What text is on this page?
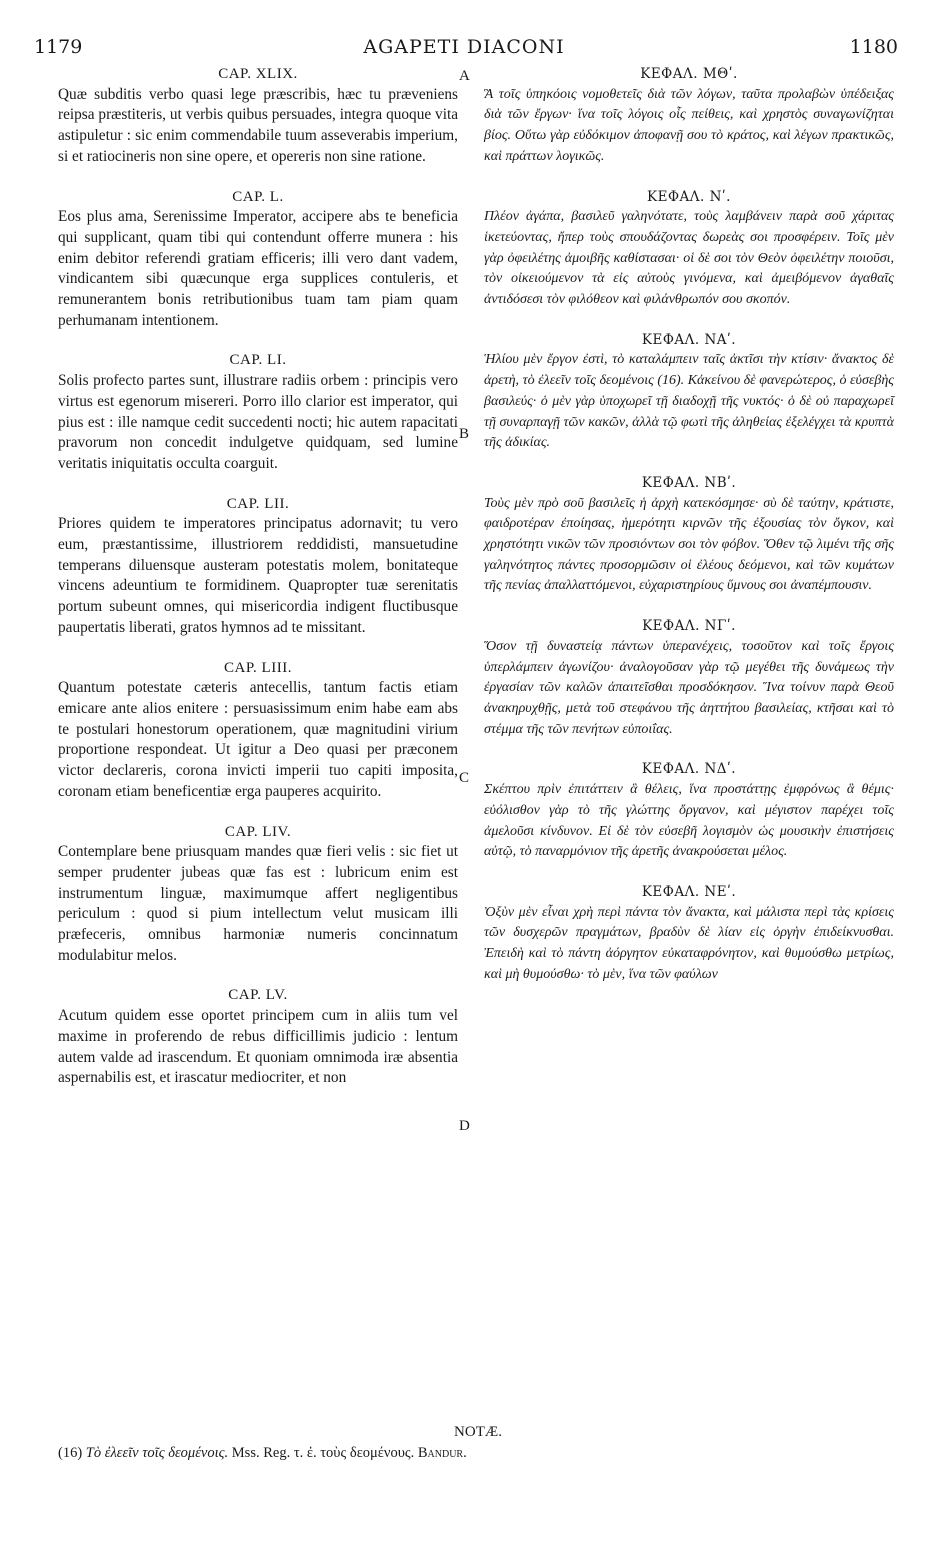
1179	AGAPETI DIACONI	1180
CAP. XLIX.

Quæ subditis verbo quasi lege præscribis, hæc tu præveniens reipsa præstiteris, ut verbis quibus persuades, integra quoque vita astipuletur : sic enim commendabile tuum asseverabis imperium, si et ratiocineris non sine opere, et opereris non sine ratione.

CAP. L.

Eos plus ama, Serenissime Imperator, accipere abs te beneficia qui supplicant, quam tibi qui contendunt offerre munera : his enim debitor referendi gratiam efficeris; illi vero dant vadem, vindicantem sibi quæcunque erga supplices contuleris, et remunerantem bonis retributionibus tuam tam piam quam perhumanam intentionem.

CAP. LI.

Solis profecto partes sunt, illustrare radiis orbem : principis vero virtus est egenorum misereri. Porro illo clarior est imperator, qui pius est : ille namque cedit succedenti nocti; hic autem rapacitati pravorum non concedit indulgetve quidquam, sed lumine veritatis iniquitatis occulta coarguit.

CAP. LII.

Priores quidem te imperatores principatus adornavit; tu vero eum, præstantissime, illustriorem reddidisti, mansuetudine temperans diluensque austeram potestatis molem, bonitateque vincens adeuntium te formidinem. Quapropter tuæ serenitatis portum subeunt omnes, qui misericordia indigent fluctibusque paupertatis liberati, gratos hymnos ad te missitant.

CAP. LIII.

Quantum potestate cæteris antecellis, tantum factis etiam emicare ante alios enitere : persuasissimum enim habe eam abs te postulari honestorum operationem, quæ magnitudini virium proportione respondeat. Ut igitur a Deo quasi per præconem victor declareris, corona invicti imperii tuo capiti imposita, coronam etiam beneficentiæ erga pauperes acquirito.

CAP. LIV.

Contemplare bene priusquam mandes quæ fieri velis : sic fiet ut semper prudenter jubeas quæ fas est : lubricum enim est instrumentum linguæ, maximumque affert negligentibus periculum : quod si pium intellectum velut musicam illi præfeceris, omnibus harmoniæ numeris concinnatum modulabitur melos.

CAP. LV.

Acutum quidem esse oportet principem cum in aliis tum vel maxime in proferendo de rebus difficillimis judicio : lentum autem valde ad irascendum. Et quoniam omnimoda iræ absentia aspernabilis est, et irascatur mediocriter, et non

A
B
C
D
ΚΕΦΑΛ. ΜΘʹ.

Ἃ τοῖς ὑπηκόοις νομοθετεῖς διὰ τῶν λόγων, ταῦτα προλαβὼν ὑπέδειξας διὰ τῶν ἔργων· ἵνα τοῖς λόγοις οἷς πείθεις, καὶ χρηστὸς συναγωνίζηται βίος. Οὕτω γὰρ εὐδόκιμον ἀποφανῇ σου τὸ κράτος, καὶ λέγων πρακτικῶς, καὶ πράττων λογικῶς.

ΚΕΦΑΛ. Νʹ.

Πλέον ἀγάπα, βασιλεῦ γαληνότατε, τοὺς λαμβάνειν παρὰ σοῦ χάριτας ἱκετεύοντας, ἤπερ τοὺς σπουδάζοντας δωρεὰς σοι προσφέρειν. Τοῖς μὲν γὰρ ὀφειλέτης ἀμοιβῆς καθίστασαι· οἱ δὲ σοι τὸν Θεὸν ὀφειλέτην ποιοῦσι, τὸν οἰκειούμενον τὰ εἰς αὐτοὺς γινόμενα, καὶ ἀμειβόμενον ἀγαθαῖς ἀντιδόσεσι τὸν φιλόθεον καὶ φιλάνθρωπόν σου σκοπόν.

ΚΕΦΑΛ. ΝΑʹ.

Ἡλίου μὲν ἔργον ἐστὶ, τὸ καταλάμπειν ταῖς ἀκτῖσι τὴν κτίσιν· ἄνακτος δὲ ἀρετὴ, τὸ ἐλεεῖν τοῖς δεομένοις (16). Κἀκείνου δὲ φανερώτερος, ὁ εὐσεβὴς βασιλεύς· ὁ μὲν γὰρ ὑποχωρεῖ τῇ διαδοχῇ τῆς νυκτός· ὁ δὲ οὐ παραχωρεῖ τῇ συναρπαγῇ τῶν κακῶν, ἀλλὰ τῷ φωτὶ τῆς ἀληθείας ἐξελέγχει τὰ κρυπτὰ τῆς ἀδικίας.

ΚΕΦΑΛ. ΝΒʹ.

Τοὺς μὲν πρὸ σοῦ βασιλεῖς ἡ ἀρχὴ κατεκόσμησε· σὺ δὲ ταύτην, κράτιστε, φαιδροτέραν ἐποίησας, ἡμερότητι κιρνῶν τῆς ἐξουσίας τὸν ὄγκον, καὶ χρηστότητι νικῶν τῶν προσιόντων σοι τὸν φόβον. Ὅθεν τῷ λιμένι τῆς σῆς γαληνότητος πάντες προσορμῶσιν οἱ ἐλέους δεόμενοι, καὶ τῶν κυμάτων τῆς πενίας ἀπαλλαττόμενοι, εὐχαριστηρίους ὕμνους σοι ἀναπέμπουσιν.

ΚΕΦΑΛ. ΝΓʹ.

Ὅσον τῇ δυναστείᾳ πάντων ὑπερανέχεις, τοσοῦτον καὶ τοῖς ἔργοις ὑπερλάμπειν ἀγωνίζου· ἀναλογοῦσαν γὰρ τῷ μεγέθει τῆς δυνάμεως τὴν ἐργασίαν τῶν καλῶν ἀπαιτεῖσθαι προσδόκησον. Ἵνα τοίνυν παρὰ Θεοῦ ἀνακηρυχθῇς, μετὰ τοῦ στεφάνου τῆς ἀηττήτου βασιλείας, κτῆσαι καὶ τὸ στέμμα τῆς τῶν πενήτων εὐποιΐας.

ΚΕΦΑΛ. ΝΔʹ.

Σκέπτου πρὶν ἐπιτάττειν ἃ θέλεις, ἵνα προστάττῃς ἐμφρόνως ἃ θέμις· εὐόλισθον γὰρ τὸ τῆς γλώττης ὄργανον, καὶ μέγιστον παρέχει τοῖς ἀμελοῦσι κίνδυνον. Εἰ δὲ τὸν εὐσεβῆ λογισμὸν ὡς μουσικὴν ἐπιστήσεις αὐτῷ, τὸ παναρμόνιον τῆς ἀρετῆς ἀνακρούσεται μέλος.

ΚΕΦΑΛ. ΝΕʹ.

Ὀξὺν μὲν εἶναι χρὴ περὶ πάντα τὸν ἄνακτα, καὶ μάλιστα περὶ τὰς κρίσεις τῶν δυσχερῶν πραγμάτων, βραδὺν δὲ λίαν εἰς ὀργὴν ἐπιδείκνυσθαι. Ἐπειδὴ καὶ τὸ πάντη ἀόργητον εὐκαταφρόνητον, καὶ θυμούσθω μετρίως, καὶ μὴ θυμούσθω· τὸ μὲν, ἵνα τῶν φαύλων

NOTÆ.
(16) Τὸ ἐλεεῖν τοῖς δεομένοις. Mss. Reg. τ. ἐ. τοὺς δεομένους. Bandur.
